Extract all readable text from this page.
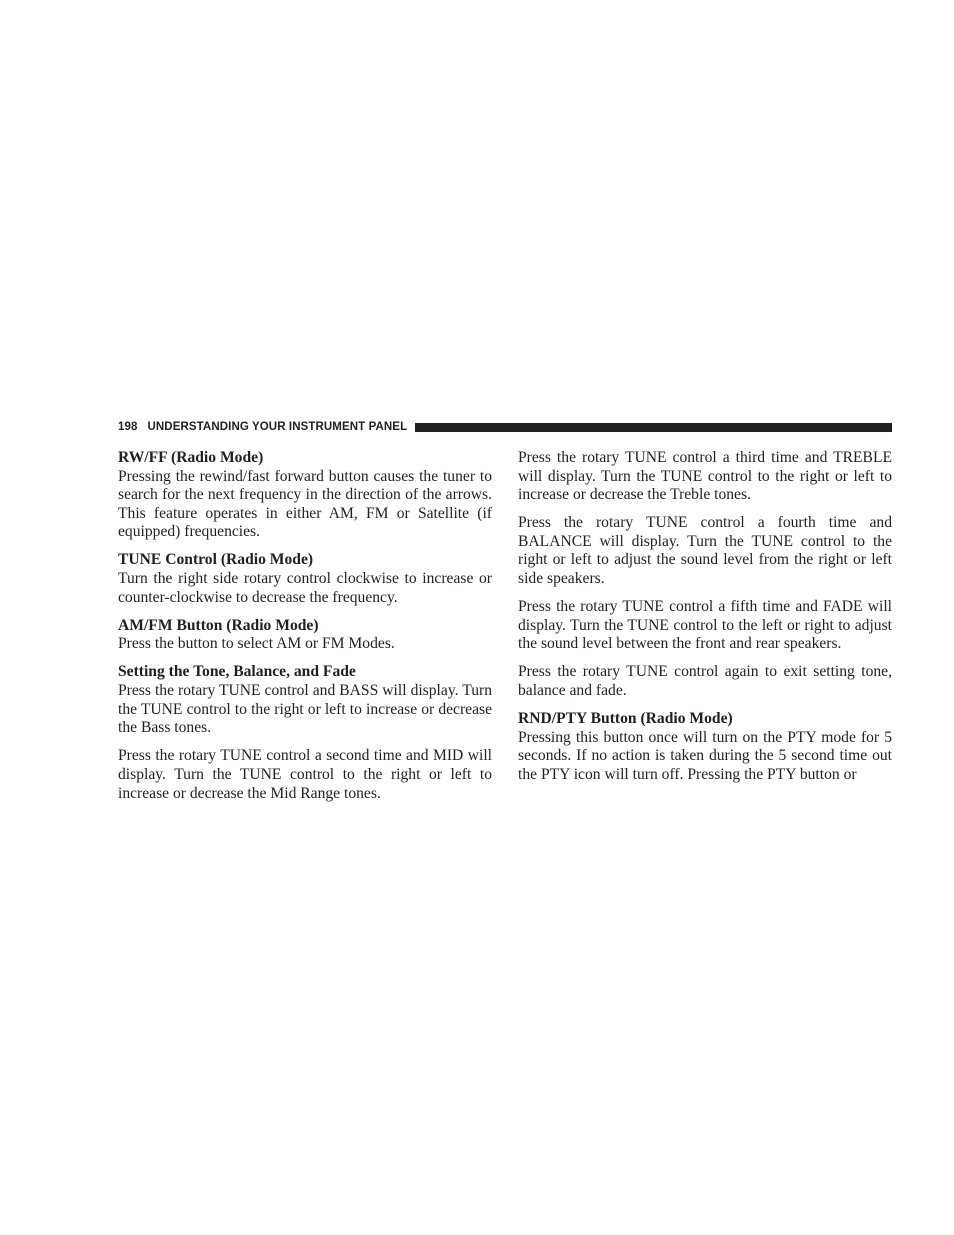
198 UNDERSTANDING YOUR INSTRUMENT PANEL
RW/FF (Radio Mode)
Pressing the rewind/fast forward button causes the tuner to search for the next frequency in the direction of the arrows. This feature operates in either AM, FM or Satellite (if equipped) frequencies.
TUNE Control (Radio Mode)
Turn the right side rotary control clockwise to increase or counter-clockwise to decrease the frequency.
AM/FM Button (Radio Mode)
Press the button to select AM or FM Modes.
Setting the Tone, Balance, and Fade
Press the rotary TUNE control and BASS will display. Turn the TUNE control to the right or left to increase or decrease the Bass tones.
Press the rotary TUNE control a second time and MID will display. Turn the TUNE control to the right or left to increase or decrease the Mid Range tones.
Press the rotary TUNE control a third time and TREBLE will display. Turn the TUNE control to the right or left to increase or decrease the Treble tones.
Press the rotary TUNE control a fourth time and BALANCE will display. Turn the TUNE control to the right or left to adjust the sound level from the right or left side speakers.
Press the rotary TUNE control a fifth time and FADE will display. Turn the TUNE control to the left or right to adjust the sound level between the front and rear speakers.
Press the rotary TUNE control again to exit setting tone, balance and fade.
RND/PTY Button (Radio Mode)
Pressing this button once will turn on the PTY mode for 5 seconds. If no action is taken during the 5 second time out the PTY icon will turn off. Pressing the PTY button or
